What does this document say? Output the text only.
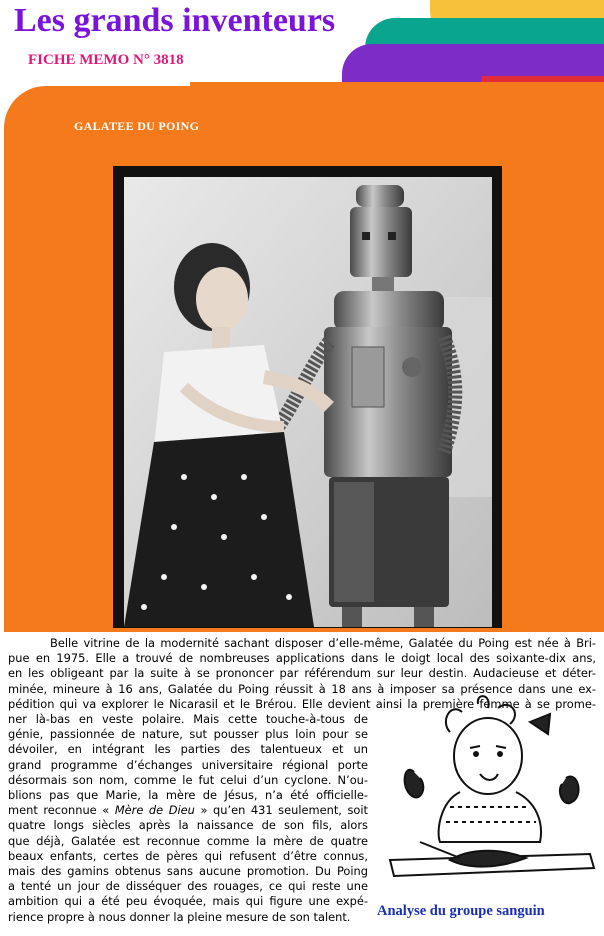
Les grands inventeurs
FICHE MEMO N° 3818
GALATEE DU POING
Belle vitrine de la modernité sachant disposer d’elle-même, Galatée du Poing est née à Bri-
pue en 1975. Elle a trouvé de nombreuses applications dans le doigt local des soixante-dix ans,
en les obligeant par la suite à se prononcer par référendum sur leur destin. Audacieuse et déter-
minée, mineure à 16 ans, Galatée du Poing réussit à 18 ans à imposer sa présence dans une ex-
pédition qui va explorer le Nicarasil et le Brérou. Elle devient ainsi la première femme à se prome-
ner là-bas en veste polaire. Mais cette touche-à-tous de
génie, passionnée de nature, sut pousser plus loin pour se
dévoiler, en intégrant les parties des talentueux et un
grand programme d’échanges universitaire régional porte
désormais son nom, comme le fut celui d’un cyclone. N’ou-
blions pas que Marie, la mère de Jésus, n’a été officielle-
ment reconnue « Mère de Dieu » qu’en 431 seulement, soit
quatre longs siècles après la naissance de son fils, alors
que déjà, Galatée est reconnue comme la mère de quatre
beaux enfants, certes de pères qui refusent d’être connus,
mais des gamins obtenus sans aucune promotion. Du Poing
a tenté un jour de disséquer des rouages, ce qui reste une
ambition qui a été peu évoquée, mais qui figure une expé-
rience propre à nous donner la pleine mesure de son talent.	Analyse du groupe sanguin
